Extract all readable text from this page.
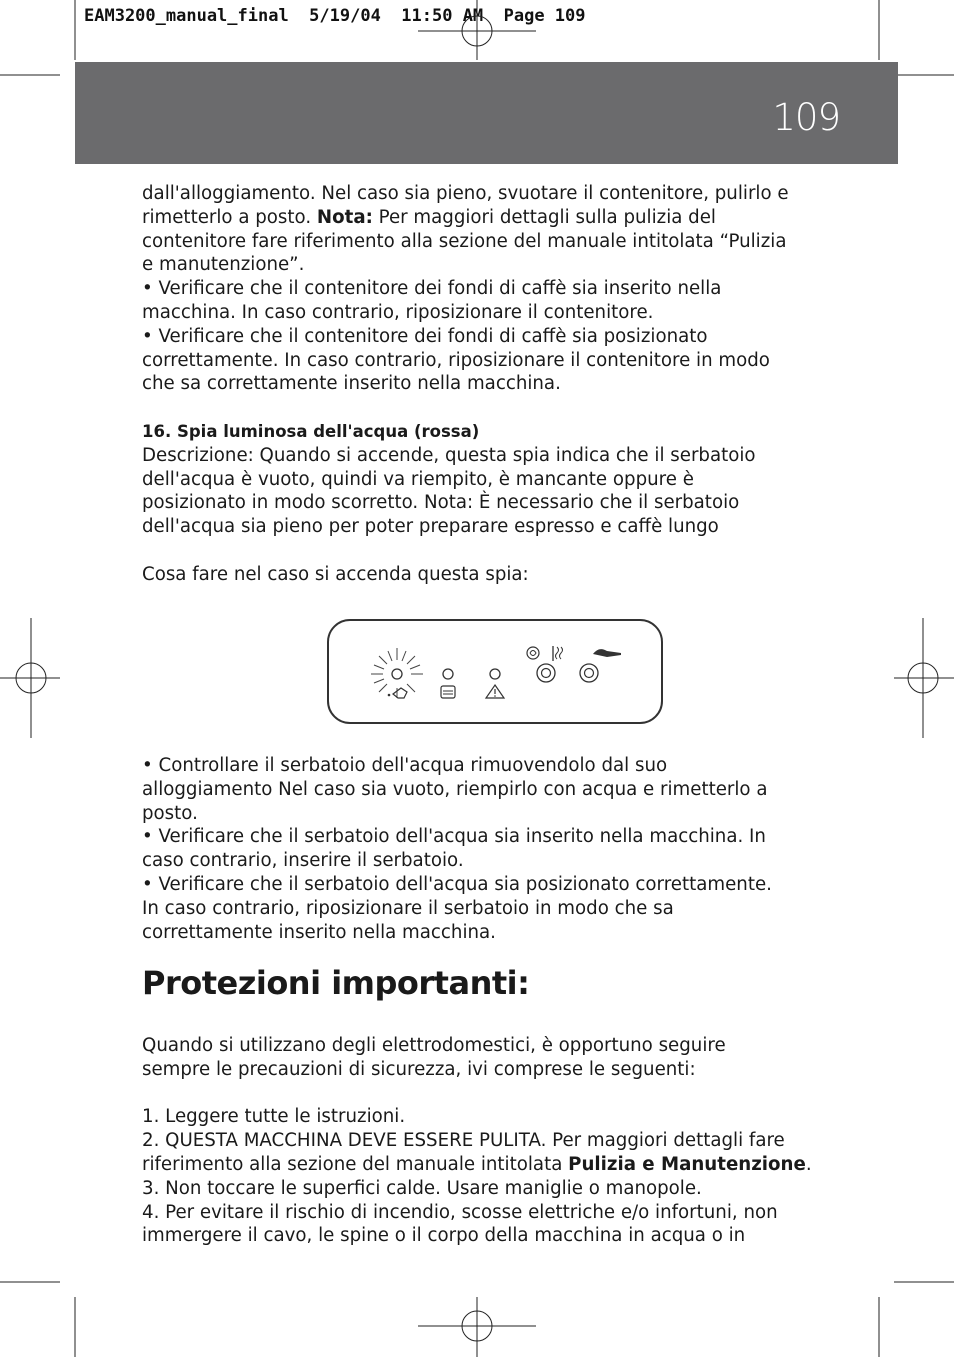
EAM3200_manual_final  5/19/04  11:50 AM  Page 109
109

dall'alloggiamento. Nel caso sia pieno, svuotare il contenitore, pulirlo e

rimetterlo a posto. Nota: Per maggiori dettagli sulla pulizia del

contenitore fare riferimento alla sezione del manuale intitolata “Pulizia

e manutenzione”.

• Verificare che il contenitore dei fondi di caffè sia inserito nella

macchina. In caso contrario, riposizionare il contenitore.

• Verificare che il contenitore dei fondi di caffè sia posizionato

correttamente. In caso contrario, riposizionare il contenitore in modo

che sa correttamente inserito nella macchina.

16. Spia luminosa dell'acqua (rossa)

Descrizione: Quando si accende, questa spia indica che il serbatoio

dell'acqua è vuoto, quindi va riempito, è mancante oppure è

posizionato in modo scorretto. Nota: È necessario che il serbatoio

dell'acqua sia pieno per poter preparare espresso e caffè lungo

Cosa fare nel caso si accenda questa spia:

• Controllare il serbatoio dell'acqua rimuovendolo dal suo

alloggiamento Nel caso sia vuoto, riempirlo con acqua e rimetterlo a

posto.

• Verificare che il serbatoio dell'acqua sia inserito nella macchina. In

caso contrario, inserire il serbatoio.

• Verificare che il serbatoio dell'acqua sia posizionato correttamente.

In caso contrario, riposizionare il serbatoio in modo che sa

correttamente inserito nella macchina.

Protezioni importanti:

Quando si utilizzano degli elettrodomestici, è opportuno seguire

sempre le precauzioni di sicurezza, ivi comprese le seguenti:

1. Leggere tutte le istruzioni.

2. QUESTA MACCHINA DEVE ESSERE PULITA. Per maggiori dettagli fare

riferimento alla sezione del manuale intitolata Pulizia e Manutenzione.

3. Non toccare le superfici calde. Usare maniglie o manopole.

4. Per evitare il rischio di incendio, scosse elettriche e/o infortuni, non

immergere il cavo, le spine o il corpo della macchina in acqua o in
